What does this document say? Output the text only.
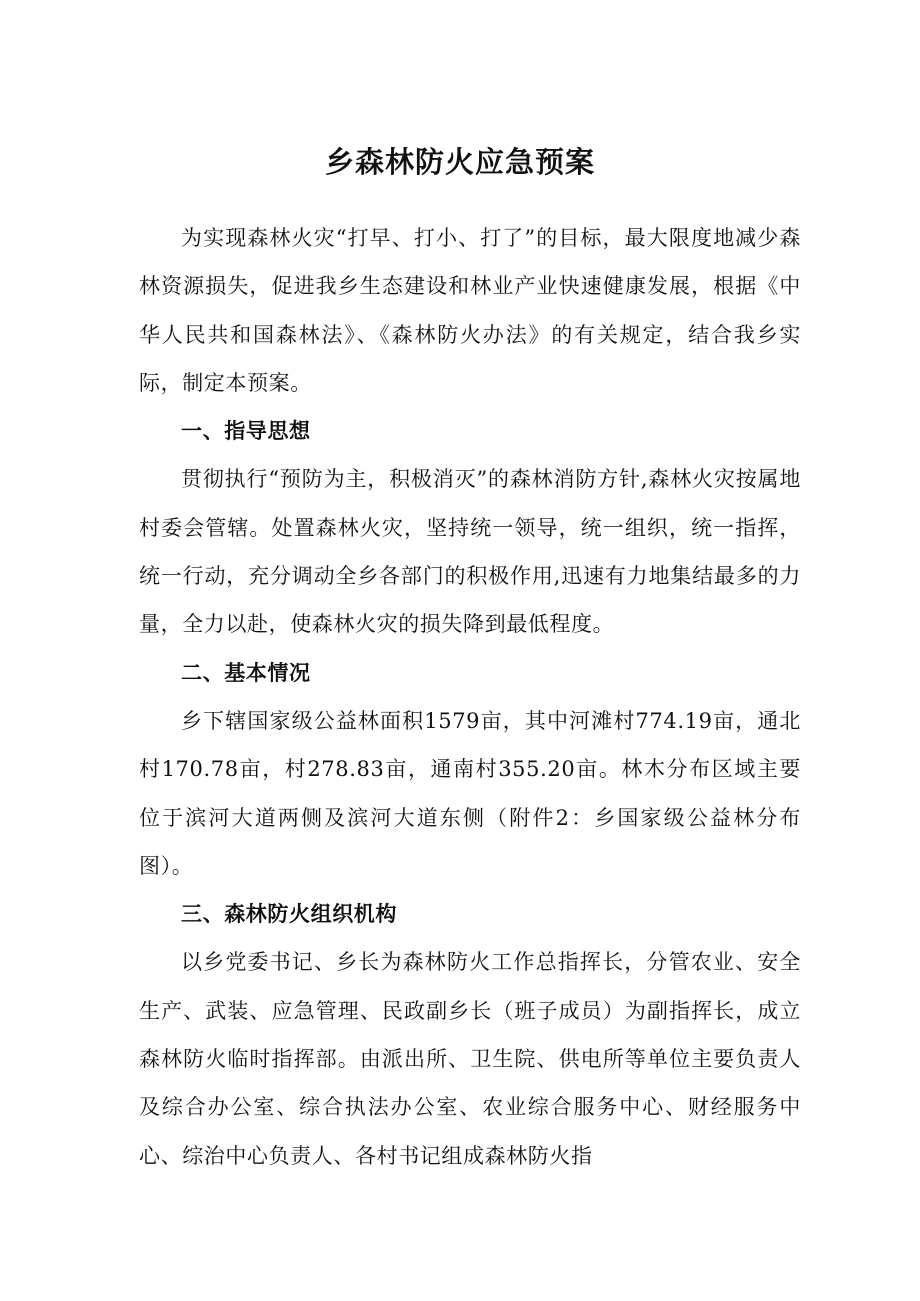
乡森林防火应急预案

为实现森林火灾“打早、打小、打了”的目标，最大限度地减少森林资源损失，促进我乡生态建设和林业产业快速健康发展，根据《中华人民共和国森林法》、《森林防火办法》的有关规定，结合我乡实际，制定本预案。

一、指导思想

贯彻执行“预防为主，积极消灭”的森林消防方针,森林火灾按属地村委会管辖。处置森林火灾，坚持统一领导，统一组织，统一指挥，统一行动，充分调动全乡各部门的积极作用,迅速有力地集结最多的力量，全力以赴，使森林火灾的损失降到最低程度。

二、基本情况

乡下辖国家级公益林面积1579亩，其中河滩村774.19亩，通北村170.78亩，村278.83亩，通南村355.20亩。林木分布区域主要位于滨河大道两侧及滨河大道东侧（附件2：乡国家级公益林分布图）。

三、森林防火组织机构

以乡党委书记、乡长为森林防火工作总指挥长，分管农业、安全生产、武装、应急管理、民政副乡长（班子成员）为副指挥长，成立森林防火临时指挥部。由派出所、卫生院、供电所等单位主要负责人及综合办公室、综合执法办公室、农业综合服务中心、财经服务中心、综治中心负责人、各村书记组成森林防火指
